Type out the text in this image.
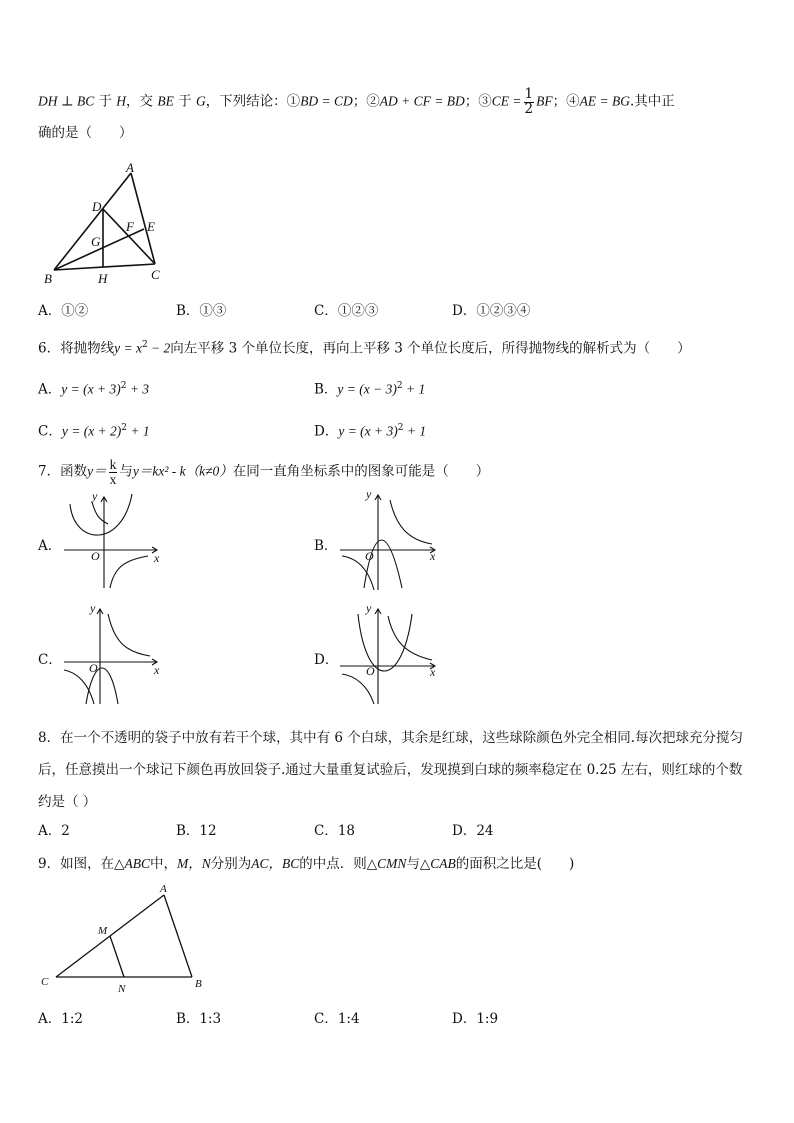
DH ⊥ BC 于 H，交 BE 于 G，下列结论：①BD = CD；②AD + CF = BD；③CE = $\frac{1}{2}$ BF；④AE = BG.其中正
确的是（　　）
A
D
G
F E
B	H	C
A．①②	B．①③	C．①②③	D．①②③④
6．将抛物线$y = x^2 - 2$向左平移 3 个单位长度，再向上平移 3 个单位长度后，所得抛物线的解析式为（　　）
A．$y = (x + 3)^2 + 3$	B．$y = (x - 3)^2 + 1$
C．$y = (x + 2)^2 + 1$	D．$y = (x + 3)^2 + 1$
7．函数$y= \frac{k}{x}$ 与y＝kx² - k（k≠0）在同一直角坐标系中的图象可能是（　　）
A．	B．
C．	D．
O	x
y
O	x
y
O	x
y
O	x
y
8．在一个不透明的袋子中放有若干个球，其中有 6 个白球，其余是红球，这些球除颜色外完全相同.每次把球充分搅匀
后，任意摸出一个球记下颜色再放回袋子.通过大量重复试验后，发现摸到白球的频率稳定在 0.25 左右，则红球的个数
约是（ ）
A．2	B．12	C．18	D．24
9．如图，在△ABC中，M，N分别为AC，BC的中点．则△CMN与△CAB的面积之比是(　　)
A
M
C
N	B
A．1:2	B．1:3	C．1:4	D．1:9
